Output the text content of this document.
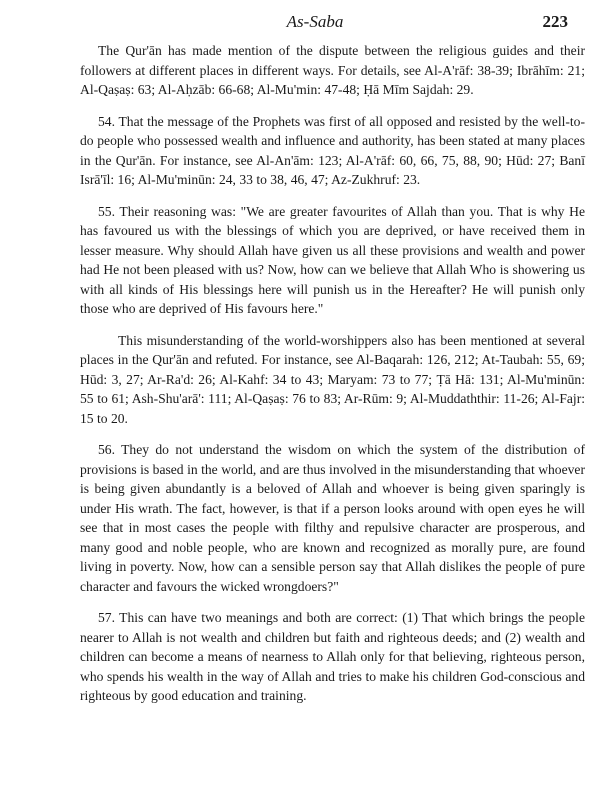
As-Saba	223

The Qur'ān has made mention of the dispute between the religious guides and their followers at different places in different ways. For details, see Al-A'rāf: 38-39; Ibrāhīm: 21; Al-Qaṣaṣ: 63; Al-Aḥzāb: 66-68; Al-Mu'min: 47-48; Ḥā Mīm Sajdah: 29.

54. That the message of the Prophets was first of all opposed and resisted by the well-to-do people who possessed wealth and influence and authority, has been stated at many places in the Qur'ān. For instance, see Al-An'ām: 123; Al-A'rāf: 60, 66, 75, 88, 90; Hūd: 27; Banī Isrā'īl: 16; Al-Mu'minūn: 24, 33 to 38, 46, 47; Az-Zukhruf: 23.

55. Their reasoning was: "We are greater favourites of Allah than you. That is why He has favoured us with the blessings of which you are deprived, or have received them in lesser measure. Why should Allah have given us all these provisions and wealth and power had He not been pleased with us? Now, how can we believe that Allah Who is showering us with all kinds of His blessings here will punish us in the Hereafter? He will punish only those who are deprived of His favours here."

This misunderstanding of the world-worshippers also has been mentioned at several places in the Qur'ān and refuted. For instance, see Al-Baqarah: 126, 212; At-Taubah: 55, 69; Hūd: 3, 27; Ar-Ra'd: 26; Al-Kahf: 34 to 43; Maryam: 73 to 77; Ṭā Hā: 131; Al-Mu'minūn: 55 to 61; Ash-Shu'arā': 111; Al-Qaṣaṣ: 76 to 83; Ar-Rūm: 9; Al-Muddaththir: 11-26; Al-Fajr: 15 to 20.

56. They do not understand the wisdom on which the system of the distribution of provisions is based in the world, and are thus involved in the misunderstanding that whoever is being given abundantly is a beloved of Allah and whoever is being given sparingly is under His wrath. The fact, however, is that if a person looks around with open eyes he will see that in most cases the people with filthy and repulsive character are prosperous, and many good and noble people, who are known and recognized as morally pure, are found living in poverty. Now, how can a sensible person say that Allah dislikes the people of pure character and favours the wicked wrongdoers?"

57. This can have two meanings and both are correct: (1) That which brings the people nearer to Allah is not wealth and children but faith and righteous deeds; and (2) wealth and children can become a means of nearness to Allah only for that believing, righteous person, who spends his wealth in the way of Allah and tries to make his children God-conscious and righteous by good education and training.
